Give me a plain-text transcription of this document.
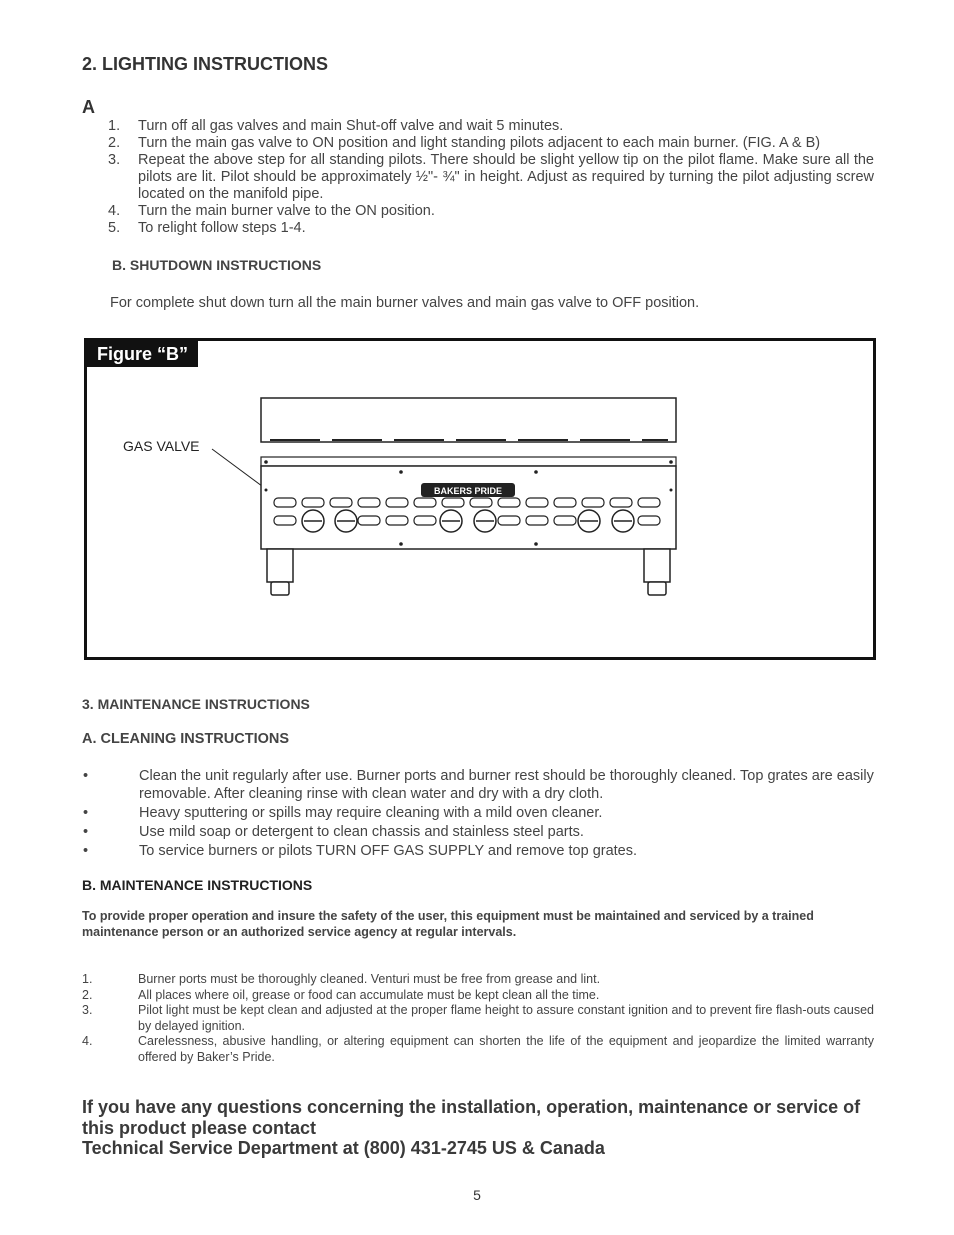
2. LIGHTING INSTRUCTIONS
A
1.	Turn off all gas valves and main Shut-off valve and wait 5 minutes.
2.	Turn the main gas valve to ON position and light standing pilots adjacent to each main burner. (FIG. A & B)
3.	Repeat the above step for all standing pilots. There should be slight yellow tip on the pilot flame. Make sure all the pilots are lit. Pilot should be approximately ½"- ¾" in height. Adjust as required by turning the pilot adjusting screw located on the manifold pipe.
4.	Turn the main burner valve to the ON position.
5.	To relight follow steps 1-4.
B. SHUTDOWN INSTRUCTIONS
For complete shut down turn all the main burner valves and main gas valve to OFF position.
Figure “B”
GAS VALVE
BAKERS PRIDE
3. MAINTENANCE INSTRUCTIONS
A. CLEANING INSTRUCTIONS
•	Clean the unit regularly after use. Burner ports and burner rest should be thoroughly cleaned. Top grates are easily removable. After cleaning rinse with clean water and dry with a dry cloth.
•	Heavy sputtering or spills may require cleaning with a mild oven cleaner.
•	Use mild soap or detergent to clean chassis and stainless steel parts.
•	To service burners or pilots TURN OFF GAS SUPPLY and remove top grates.
B. MAINTENANCE INSTRUCTIONS
To provide proper operation and insure the safety of the user, this equipment must be maintained and serviced by a trained maintenance person or an authorized service agency at regular intervals.
1.	Burner ports must be thoroughly cleaned. Venturi must be free from grease and lint.
2.	All places where oil, grease or food can accumulate must be kept clean all the time.
3.	Pilot light must be kept clean and adjusted at the proper flame height to assure constant ignition and to prevent fire flash-outs caused by delayed ignition.
4.	Carelessness, abusive handling, or altering equipment can shorten the life of the equipment and jeopardize the limited warranty offered by Baker’s Pride.
If you have any questions concerning the installation, operation, maintenance or service of this product please contact
Technical Service Department at (800) 431-2745 US & Canada
5
